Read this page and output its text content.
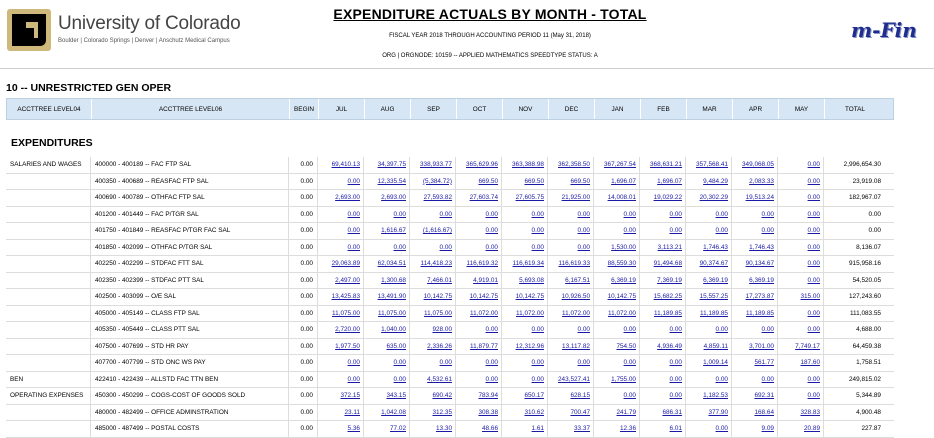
University of Colorado
Boulder | Colorado Springs | Denver | Anschutz Medical Campus
EXPENDITURE ACTUALS BY MONTH - TOTAL
FISCAL YEAR 2018 THROUGH ACCOUNTING PERIOD 11 (May 31, 2018)
ORG | ORGNODE: 10159 -- APPLIED MATHEMATICS SPEEDTYPE STATUS: A
m-Fin
10 -- UNRESTRICTED GEN OPER
ACCTTREE LEVEL04	ACCTTREE LEVEL06	BEGIN	JUL	AUG	SEP	OCT	NOV	DEC	JAN	FEB	MAR	APR	MAY	TOTAL
EXPENDITURES
SALARIES AND WAGES	400000 - 400189 -- FAC FTP SAL	0.00	69,410.13	34,397.75 338,933.77 365,629.96 363,388.98 362,358.50 367,267.54 368,631.21 357,568.41 349,068.05	0.00	2,996,654.30
400350 - 400689 -- REASFAC FTP SAL	0.00	0.00	12,335.54	(5,384.72)	669.50	669.50	669.50	1,696.07	1,696.07	9,484.29	2,083.33	0.00	23,919.08
400690 - 400789 -- OTHFAC FTP SAL	0.00	2,693.00	2,693.00	27,593.82	27,603.74	27,605.75	21,925.00	14,008.01	19,029.22	20,302.29	19,513.24	0.00	182,967.07
401200 - 401449 -- FAC P/TGR SAL	0.00	0.00	0.00	0.00	0.00	0.00	0.00	0.00	0.00	0.00	0.00	0.00	0.00
401750 - 401849 -- REASFAC P/TGR FAC SAL	0.00	0.00	1,616.67	(1,616.67)	0.00	0.00	0.00	0.00	0.00	0.00	0.00	0.00	0.00
401850 - 402099 -- OTHFAC P/TGR SAL	0.00	0.00	0.00	0.00	0.00	0.00	0.00	1,530.00	3,113.21	1,746.43	1,746.43	0.00	8,136.07
402250 - 402299 -- STDFAC FTT SAL	0.00	29,063.89	62,034.51 114,418.23 116,619.32 116,619.34 116,619.33	88,559.30	91,494.68	90,374.67	90,134.67	0.00	915,958.16
402350 - 402399 -- STDFAC PTT SAL	0.00	2,497.00	1,300.68	7,466.01	4,919.01	5,693.08	6,167.51	6,369.19	7,369.19	6,369.19	6,369.19	0.00	54,520.05
402500 - 403099 -- O/E SAL	0.00	13,425.83	13,491.90	10,142.75	10,142.75	10,142.75	10,926.50	10,142.75	15,682.25	15,557.25	17,273.87	315.00	127,243.60
405000 - 405149 -- CLASS FTP SAL	0.00	11,075.00	11,075.00	11,075.00	11,072.00	11,072.00	11,072.00	11,072.00	11,189.85	11,189.85	11,189.85	0.00	111,083.55
405350 - 405449 -- CLASS PTT SAL	0.00	2,720.00	1,040.00	928.00	0.00	0.00	0.00	0.00	0.00	0.00	0.00	0.00	4,688.00
407500 - 407699 -- STD HR PAY	0.00	1,977.50	635.00	2,336.26	11,879.77	12,312.96	13,117.82	754.50	4,936.49	4,859.11	3,701.00	7,749.17	64,459.38
407700 - 407799 -- STD ONC WS PAY	0.00	0.00	0.00	0.00	0.00	0.00	0.00	0.00	0.00	1,009.14	561.77	187.60	1,758.51
BEN	422410 - 422439 -- ALLSTD FAC TTN BEN	0.00	0.00	0.00	4,532.61	0.00	0.00 243,527.41	1,755.00	0.00	0.00	0.00	0.00	249,815.02
OPERATING EXPENSES	450300 - 450299 -- COGS-COST OF GOODS SOLD	0.00	372.15	343.15	690.42	783.94	650.17	628.15	0.00	0.00	1,182.53	692.31	0.00	5,344.89
480000 - 482499 -- OFFICE ADMINSTRATION	0.00	23.11	1,042.08	312.35	308.38	310.62	700.47	241.79	686.31	377.90	168.64	328.83	4,900.48
485000 - 487499 -- POSTAL COSTS	0.00	5.36	77.02	13.30	48.66	1.61	33.37	12.36	6.01	0.00	9.09	20.89	227.87
